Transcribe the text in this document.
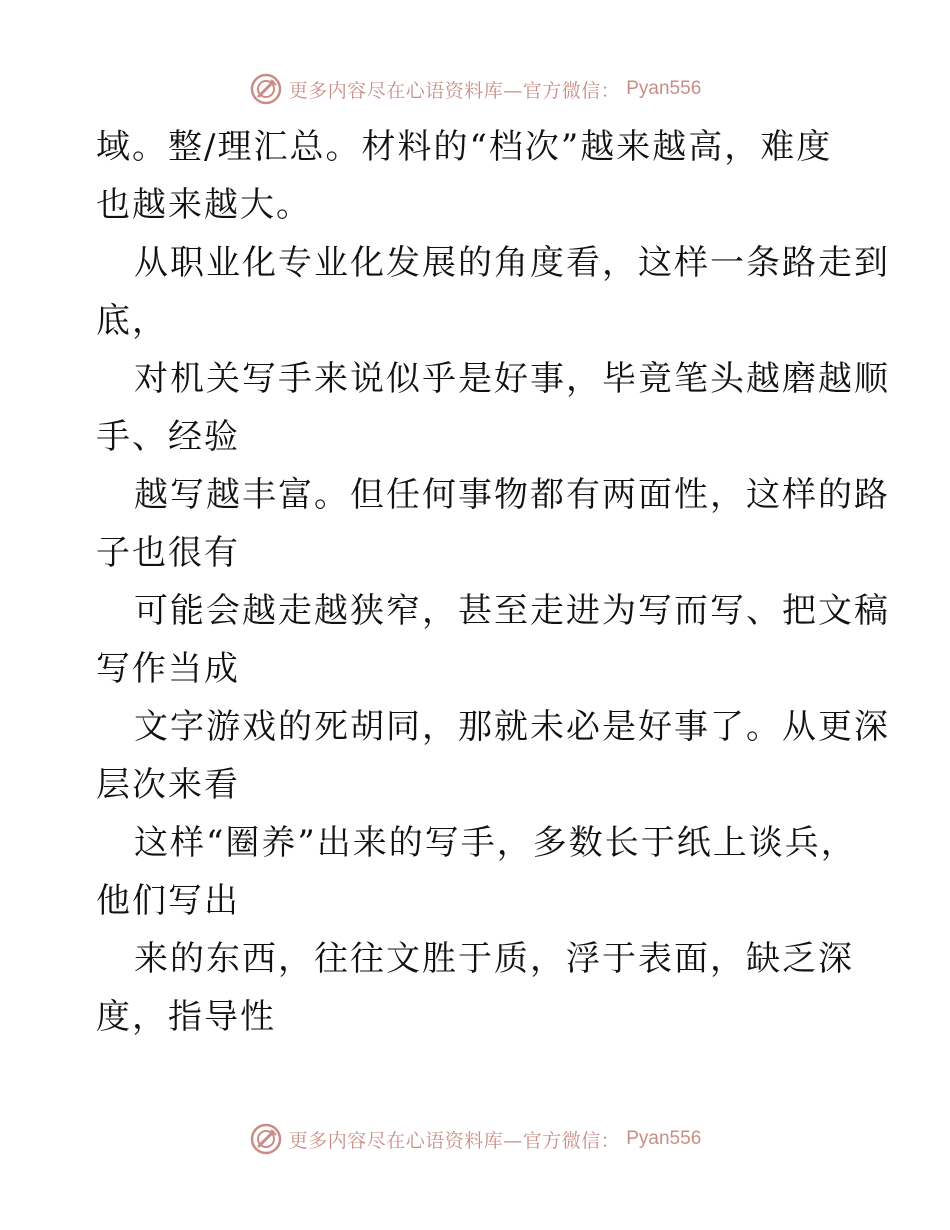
更多内容尽在心语资料库—官方微信： Pyan556
域。整/理汇总。材料的“档次”越来越高，难度
也越来越大。
从职业化专业化发展的角度看，这样一条路走到
底，
对机关写手来说似乎是好事，毕竟笔头越磨越顺
手、经验
越写越丰富。但任何事物都有两面性，这样的路
子也很有
可能会越走越狭窄，甚至走进为写而写、把文稿
写作当成
文字游戏的死胡同，那就未必是好事了。从更深
层次来看
这样“圈养”出来的写手，多数长于纸上谈兵，
他们写出
来的东西，往往文胜于质，浮于表面，缺乏深
度，指导性
更多内容尽在心语资料库—官方微信： Pyan556
